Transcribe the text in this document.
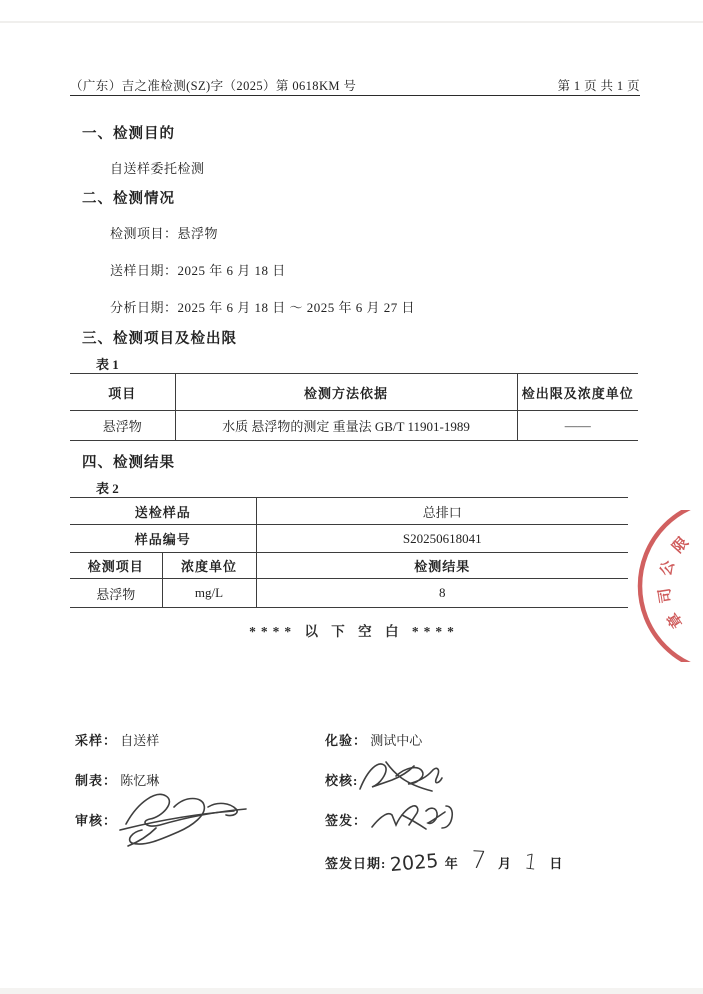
（广东）吉之准检测(SZ)字（2025）第 0618KM 号	第 1 页 共 1 页
一、检测目的
自送样委托检测
二、检测情况
检测项目：悬浮物
送样日期：2025 年 6 月 18 日
分析日期：2025 年 6 月 18 日 ～ 2025 年 6 月 27 日
三、检测项目及检出限
表 1
项目	检测方法依据	检出限及浓度单位
悬浮物	水质 悬浮物的测定 重量法 GB/T 11901-1989	——
四、检测结果
表 2
送检样品		总排口
样品编号		S20250618041
检测项目	浓度单位	检测结果
悬浮物	mg/L	8
**** 以 下 空 白 ****
采样： 自送样	化验： 测试中心
制表： 陈忆琳	校核:
审核：	签发：
签发日期: 2025 年 7 月 1 日
限
公
司
章
